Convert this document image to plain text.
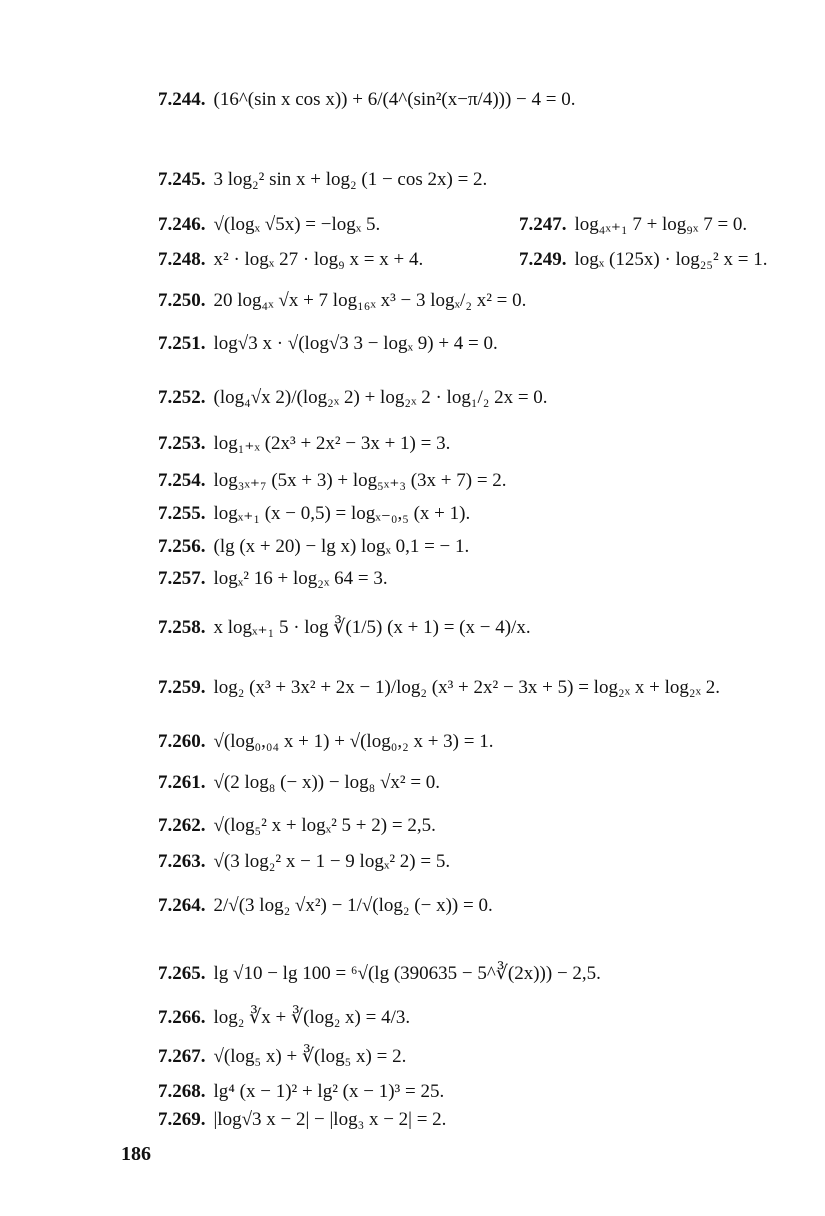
7.244. (16^(sin x cos x)) + 6/(4^(sin²(x−π/4))) − 4 = 0.
7.245. 3 log₂² sin x + log₂ (1 − cos 2x) = 2.
7.246. √(logₓ √5x) = −logₓ 5.	7.247. log₄ₓ₊₁ 7 + log₉ₓ 7 = 0.
7.248. x² · logₓ 27 · log₉ x = x + 4.	7.249. logₓ (125x) · log₂₅² x = 1.
7.250. 20 log₄ₓ √x + 7 log₁₆ₓ x³ − 3 logₓ/₂ x² = 0.
7.251. log√3 x · √(log√3 3 − logₓ 9) + 4 = 0.
7.252. (log₄√x 2)/(log₂ₓ 2) + log₂ₓ 2 · log₁/₂ 2x = 0.
7.253. log₁₊ₓ (2x³ + 2x² − 3x + 1) = 3.
7.254. log₃ₓ₊₇ (5x + 3) + log₅ₓ₊₃ (3x + 7) = 2.
7.255. logₓ₊₁ (x − 0,5) = logₓ₋₀,₅ (x + 1).
7.256. (lg (x + 20) − lg x) logₓ 0,1 = − 1.
7.257. logₓ² 16 + log₂ₓ 64 = 3.
7.258. x logₓ₊₁ 5 · log ∛(1/5) (x + 1) = (x − 4)/x.
7.259. log₂ (x³ + 3x² + 2x − 1)/log₂ (x³ + 2x² − 3x + 5) = log₂ₓ x + log₂ₓ 2.
7.260. √(log₀,₀₄ x + 1) + √(log₀,₂ x + 3) = 1.
7.261. √(2 log₈ (− x)) − log₈ √x² = 0.
7.262. √(log₅² x + logₓ² 5 + 2) = 2,5.
7.263. √(3 log₂² x − 1 − 9 logₓ² 2) = 5.
7.264. 2/√(3 log₂ √x²) − 1/√(log₂ (− x)) = 0.
7.265. lg √10 − lg 100 = ⁶√(lg (390635 − 5^∛(2x))) − 2,5.
7.266. log₂ ∛x + ∛(log₂ x) = 4/3.
7.267. √(log₅ x) + ∛(log₅ x) = 2.
7.268. lg⁴ (x − 1)² + lg² (x − 1)³ = 25.
7.269. |log√3 x − 2| − |log₃ x − 2| = 2.
186
